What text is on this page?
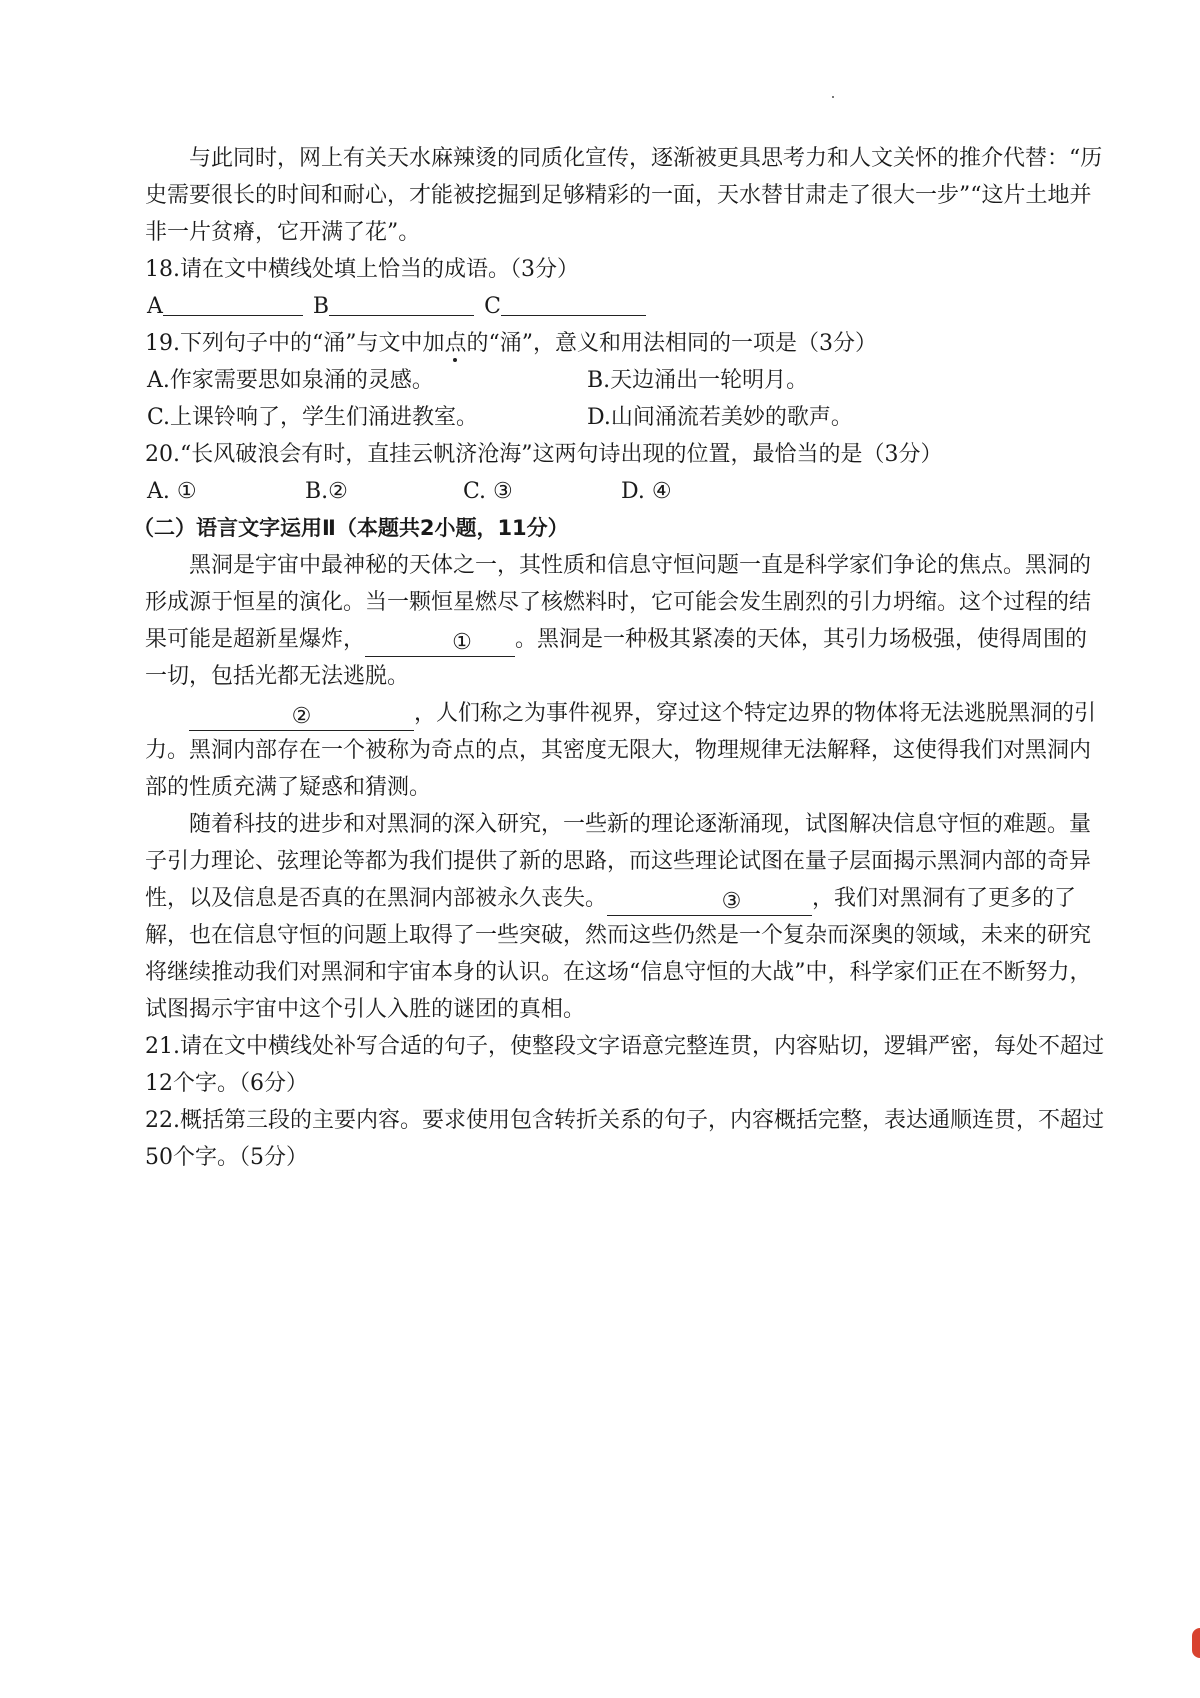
与此同时，网上有关天水麻辣烫的同质化宣传，逐渐被更具思考力和人文关怀的推介代替：“历史需要很长的时间和耐心，才能被挖掘到足够精彩的一面，天水替甘肃走了很大一步”“这片土地并非一片贫瘠，它开满了花”。

18.请在文中横线处填上恰当的成语。（3分）

A	B	C

19.下列句子中的“涌”与文中加点的“涌”，意义和用法相同的一项是（3分）

A.作家需要思如泉涌的灵感。	B.天边涌出一轮明月。
C.上课铃响了，学生们涌进教室。	D.山间涌流若美妙的歌声。

20.“长风破浪会有时，直挂云帆济沧海”这两句诗出现的位置，最恰当的是（3分）

A. ①	B.②	C. ③	D. ④

（二）语言文字运用Ⅱ（本题共2小题，11分）

黑洞是宇宙中最神秘的天体之一，其性质和信息守恒问题一直是科学家们争论的焦点。黑洞的形成源于恒星的演化。当一颗恒星燃尽了核燃料时，它可能会发生剧烈的引力坍缩。这个过程的结果可能是超新星爆炸，	① 。黑洞是一种极其紧凑的天体，其引力场极强，使得周围的一切，包括光都无法逃脱。

②	，人们称之为事件视界，穿过这个特定边界的物体将无法逃脱黑洞的引力。黑洞内部存在一个被称为奇点的点，其密度无限大，物理规律无法解释，这使得我们对黑洞内部的性质充满了疑惑和猜测。

随着科技的进步和对黑洞的深入研究，一些新的理论逐渐涌现，试图解决信息守恒的难题。量子引力理论、弦理论等都为我们提供了新的思路，而这些理论试图在量子层面揭示黑洞内部的奇异性，以及信息是否真的在黑洞内部被永久丧失。	③	，我们对黑洞有了更多的了解，也在信息守恒的问题上取得了一些突破，然而这些仍然是一个复杂而深奥的领域，未来的研究将继续推动我们对黑洞和宇宙本身的认识。在这场“信息守恒的大战”中，科学家们正在不断努力，试图揭示宇宙中这个引人入胜的谜团的真相。

21.请在文中横线处补写合适的句子，使整段文字语意完整连贯，内容贴切，逻辑严密，每处不超过12个字。（6分）

22.概括第三段的主要内容。要求使用包含转折关系的句子，内容概括完整，表达通顺连贯，不超过50个字。（5分）
